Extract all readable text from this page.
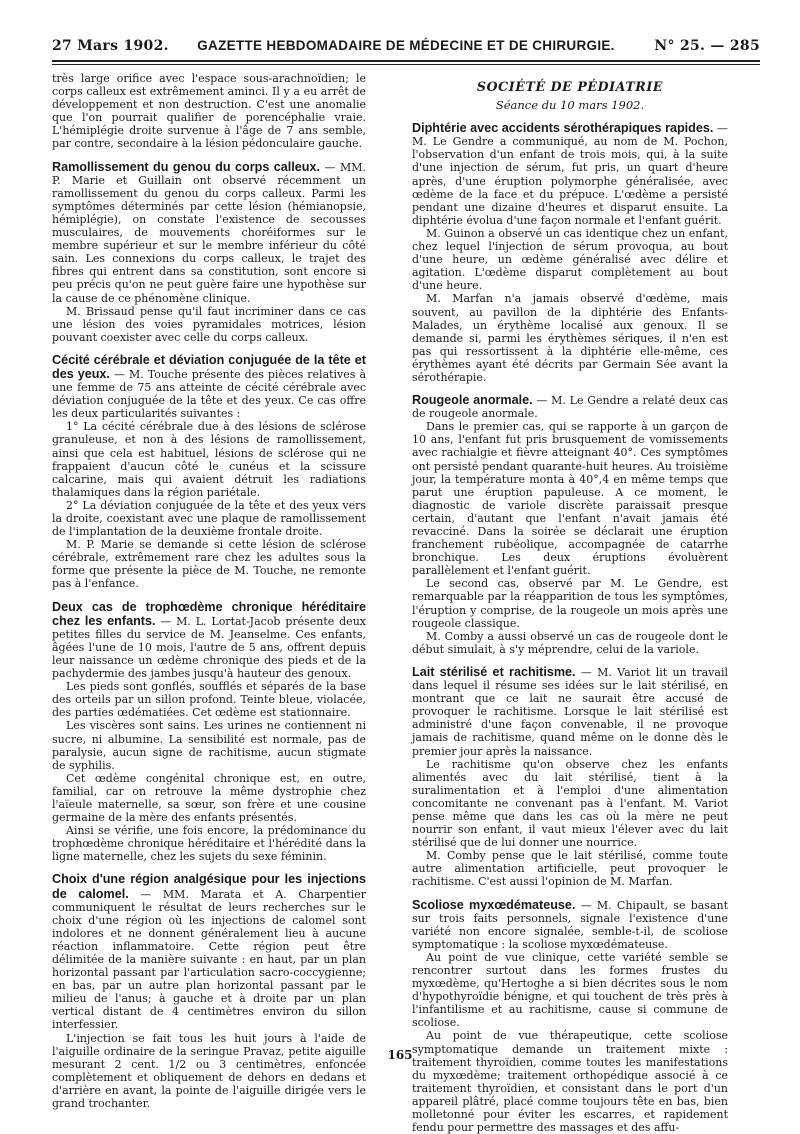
27 Mars 1902.	GAZETTE HEBDOMADAIRE DE MÉDECINE ET DE CHIRURGIE.	N° 25. — 285

très large orifice avec l'espace sous-arachnoïdien; le corps calleux est extrêmement aminci. Il y a eu arrêt de développement et non destruction. C'est une anomalie que l'on pourrait qualifier de porencéphalie vraie. L'hémiplégie droite survenue à l'âge de 7 ans semble, par contre, secondaire à la lésion pédonculaire gauche.

Ramollissement du genou du corps calleux. — MM. P. Marie et Guillain ont observé récemment un ramollissement du genou du corps calleux. Parmi les symptômes déterminés par cette lésion (hémianopsie, hémiplégie), on constate l'existence de secousses musculaires, de mouvements choréiformes sur le membre supérieur et sur le membre inférieur du côté sain. Les connexions du corps calleux, le trajet des fibres qui entrent dans sa constitution, sont encore si peu précis qu'on ne peut guère faire une hypothèse sur la cause de ce phénomène clinique.

M. Brissaud pense qu'il faut incriminer dans ce cas une lésion des voies pyramidales motrices, lésion pouvant coexister avec celle du corps calleux.

Cécité cérébrale et déviation conjuguée de la tête et des yeux. — M. Touche présente des pièces relatives à une femme de 75 ans atteinte de cécité cérébrale avec déviation conjuguée de la tête et des yeux. Ce cas offre les deux particularités suivantes :

1° La cécité cérébrale due à des lésions de sclérose granuleuse, et non à des lésions de ramollissement, ainsi que cela est habituel, lésions de sclérose qui ne frappaient d'aucun côté le cunéus et la scissure calcarine, mais qui avaient détruit les radiations thalamiques dans la région pariétale.

2° La déviation conjuguée de la tête et des yeux vers la droite, coexistant avec une plaque de ramollissement de l'implantation de la deuxième frontale droite.

M. P. Marie se demande si cette lésion de sclérose cérébrale, extrêmement rare chez les adultes sous la forme que présente la pièce de M. Touche, ne remonte pas à l'enfance.

Deux cas de trophœdème chronique héréditaire chez les enfants. — M. L. Lortat-Jacob présente deux petites filles du service de M. Jeanselme. Ces enfants, âgées l'une de 10 mois, l'autre de 5 ans, offrent depuis leur naissance un œdème chronique des pieds et de la pachydermie des jambes jusqu'à hauteur des genoux.

Les pieds sont gonflés, soufflés et séparés de la base des orteils par un sillon profond. Teinte bleue, violacée, des parties œdématiées. Cet œdème est stationnaire.

Les viscères sont sains. Les urines ne contiennent ni sucre, ni albumine. La sensibilité est normale, pas de paralysie, aucun signe de rachitisme, aucun stigmate de syphilis.

Cet œdème congénital chronique est, en outre, familial, car on retrouve la même dystrophie chez l'aïeule maternelle, sa sœur, son frère et une cousine germaine de la mère des enfants présentés.

Ainsi se vérifie, une fois encore, la prédominance du trophœdème chronique héréditaire et l'hérédité dans la ligne maternelle, chez les sujets du sexe féminin.

Choix d'une région analgésique pour les injections de calomel. — MM. Marata et A. Charpentier communiquent le résultat de leurs recherches sur le choix d'une région où les injections de calomel sont indolores et ne donnent généralement lieu à aucune réaction inflammatoire. Cette région peut être délimitée de la manière suivante : en haut, par un plan horizontal passant par l'articulation sacro-coccygienne; en bas, par un autre plan horizontal passant par le milieu de l'anus; à gauche et à droite par un plan vertical distant de 4 centimètres environ du sillon interfessier.

L'injection se fait tous les huit jours à l'aide de l'aiguille ordinaire de la seringue Pravaz, petite aiguille mesurant 2 cent. 1/2 ou 3 centimètres, enfoncée complètement et obliquement de dehors en dedans et d'arrière en avant, la pointe de l'aiguille dirigée vers le grand trochanter.

SOCIÉTÉ DE PÉDIATRIE
Séance du 10 mars 1902.

Diphtérie avec accidents sérothérapiques rapides. — M. Le Gendre a communiqué, au nom de M. Pochon, l'observation d'un enfant de trois mois, qui, à la suite d'une injection de sérum, fut pris, un quart d'heure après, d'une éruption polymorphe généralisée, avec œdème de la face et du prépuce. L'œdème a persisté pendant une dizaine d'heures et disparut ensuite. La diphtérie évolua d'une façon normale et l'enfant guérit.

M. Guinon a observé un cas identique chez un enfant, chez lequel l'injection de sérum provoqua, au bout d'une heure, un œdème généralisé avec délire et agitation. L'œdème disparut complètement au bout d'une heure.

M. Marfan n'a jamais observé d'œdème, mais souvent, au pavillon de la diphtérie des Enfants-Malades, un érythème localisé aux genoux. Il se demande si, parmi les érythèmes sériques, il n'en est pas qui ressortissent à la diphtérie elle-même, ces érythèmes ayant été décrits par Germain Sée avant la sérothérapie.

Rougeole anormale. — M. Le Gendre a relaté deux cas de rougeole anormale.

Dans le premier cas, qui se rapporte à un garçon de 10 ans, l'enfant fut pris brusquement de vomissements avec rachialgie et fièvre atteignant 40°. Ces symptômes ont persisté pendant quarante-huit heures. Au troisième jour, la température monta à 40°,4 en même temps que parut une éruption papuleuse. A ce moment, le diagnostic de variole discrète paraissait presque certain, d'autant que l'enfant n'avait jamais été revacciné. Dans la soirée se déclarait une éruption franchement rubéolique, accompagnée de catarrhe bronchique. Les deux éruptions évoluèrent parallèlement et l'enfant guérit.

Le second cas, observé par M. Le Gendre, est remarquable par la réapparition de tous les symptômes, l'éruption y comprise, de la rougeole un mois après une rougeole classique.

M. Comby a aussi observé un cas de rougeole dont le début simulait, à s'y méprendre, celui de la variole.

Lait stérilisé et rachitisme. — M. Variot lit un travail dans lequel il résume ses idées sur le lait stérilisé, en montrant que ce lait ne saurait être accusé de provoquer le rachitisme. Lorsque le lait stérilisé est administré d'une façon convenable, il ne provoque jamais de rachitisme, quand même on le donne dès le premier jour après la naissance.

Le rachitisme qu'on observe chez les enfants alimentés avec du lait stérilisé, tient à la suralimentation et à l'emploi d'une alimentation concomitante ne convenant pas à l'enfant. M. Variot pense même que dans les cas où la mère ne peut nourrir son enfant, il vaut mieux l'élever avec du lait stérilisé que de lui donner une nourrice.

M. Comby pense que le lait stérilisé, comme toute autre alimentation artificielle, peut provoquer le rachitisme. C'est aussi l'opinion de M. Marfan.

Scoliose myxœdémateuse. — M. Chipault, se basant sur trois faits personnels, signale l'existence d'une variété non encore signalée, semble-t-il, de scoliose symptomatique : la scoliose myxœdémateuse.

Au point de vue clinique, cette variété semble se rencontrer surtout dans les formes frustes du myxœdème, qu'Hertoghe a si bien décrites sous le nom d'hypothyroïdie bénigne, et qui touchent de très près à l'infantilisme et au rachitisme, cause si commune de scoliose.

Au point de vue thérapeutique, cette scoliose symptomatique demande un traitement mixte : traitement thyroïdien, comme toutes les manifestations du myxœdème; traitement orthopédique associé à ce traitement thyroïdien, et consistant dans le port d'un appareil plâtré, placé comme toujours tête en bas, bien molletonné pour éviter les escarres, et rapidement fendu pour permettre des massages et des affu-

165
